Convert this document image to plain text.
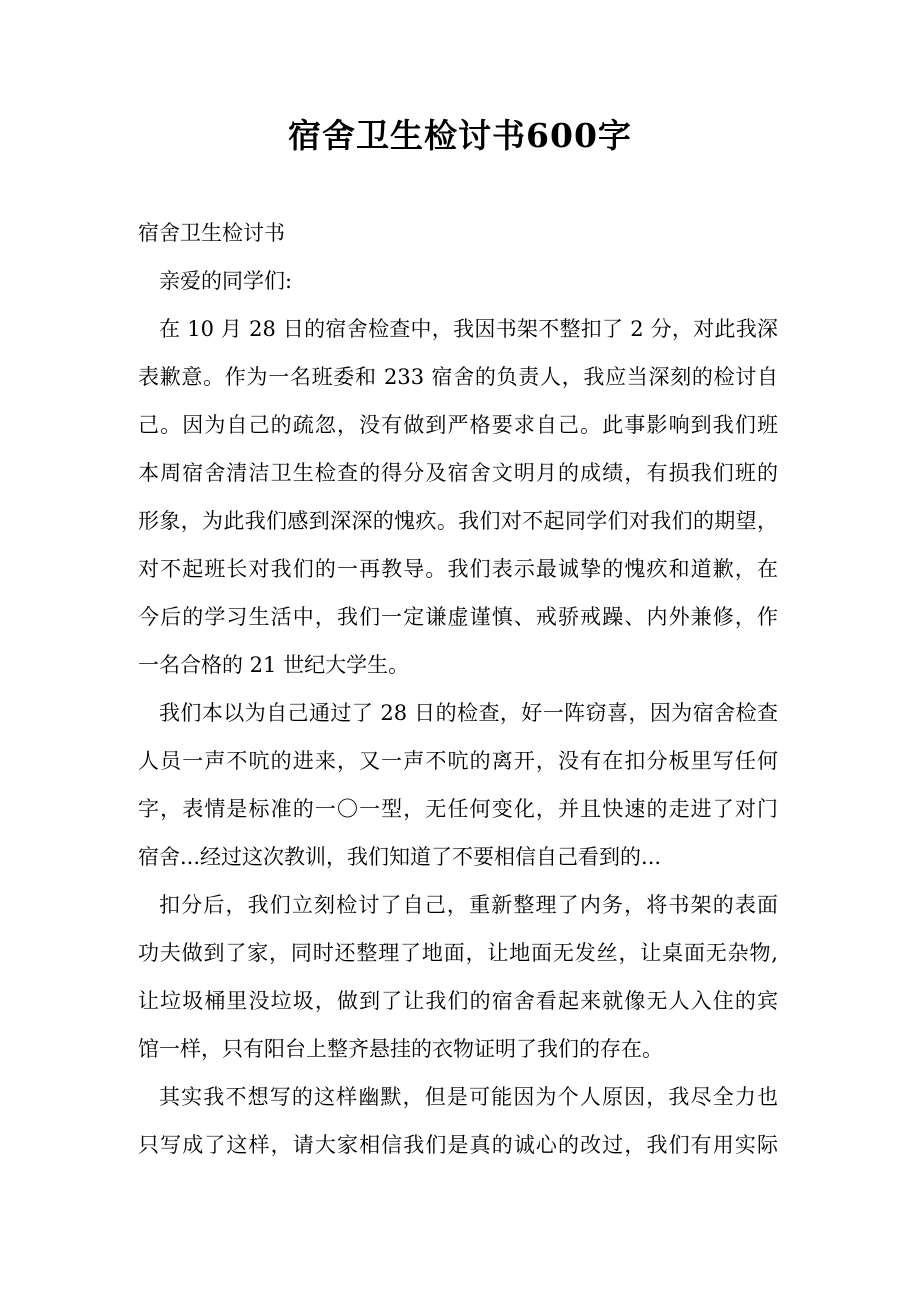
宿舍卫生检讨书600字

宿舍卫生检讨书

亲爱的同学们:

在 10 月 28 日的宿舍检查中，我因书架不整扣了 2 分，对此我深
表歉意。作为一名班委和 233 宿舍的负责人，我应当深刻的检讨自
己。因为自己的疏忽，没有做到严格要求自己。此事影响到我们班
本周宿舍清洁卫生检查的得分及宿舍文明月的成绩，有损我们班的
形象，为此我们感到深深的愧疚。我们对不起同学们对我们的期望，
对不起班长对我们的一再教导。我们表示最诚挚的愧疚和道歉，在
今后的学习生活中，我们一定谦虚谨慎、戒骄戒躁、内外兼修，作
一名合格的 21 世纪大学生。

我们本以为自己通过了 28 日的检查，好一阵窃喜，因为宿舍检查
人员一声不吭的进来，又一声不吭的离开，没有在扣分板里写任何
字，表情是标准的一〇一型，无任何变化，并且快速的走进了对门
宿舍...经过这次教训，我们知道了不要相信自己看到的...

扣分后，我们立刻检讨了自己，重新整理了内务，将书架的表面
功夫做到了家，同时还整理了地面，让地面无发丝，让桌面无杂物,
让垃圾桶里没垃圾，做到了让我们的宿舍看起来就像无人入住的宾
馆一样，只有阳台上整齐悬挂的衣物证明了我们的存在。

其实我不想写的这样幽默，但是可能因为个人原因，我尽全力也
只写成了这样，请大家相信我们是真的诚心的改过，我们有用实际
